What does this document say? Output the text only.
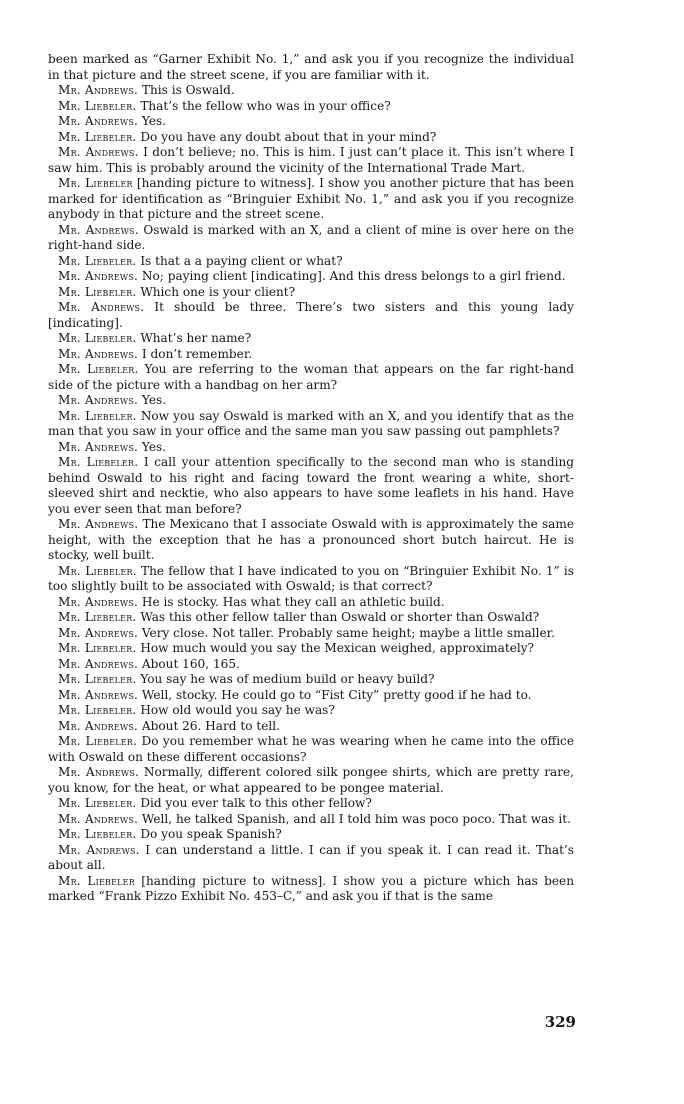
been marked as “Garner Exhibit No. 1,” and ask you if you recognize the individual in that picture and the street scene, if you are familiar with it.

Mr. Andrews. This is Oswald.

Mr. Liebeler. That’s the fellow who was in your office?

Mr. Andrews. Yes.

Mr. Liebeler. Do you have any doubt about that in your mind?

Mr. Andrews. I don’t believe; no. This is him. I just can’t place it. This isn’t where I saw him. This is probably around the vicinity of the International Trade Mart.

Mr. Liebeler [handing picture to witness]. I show you another picture that has been marked for identification as “Bringuier Exhibit No. 1,” and ask you if you recognize anybody in that picture and the street scene.

Mr. Andrews. Oswald is marked with an X, and a client of mine is over here on the right-hand side.

Mr. Liebeler. Is that a a paying client or what?

Mr. Andrews. No; paying client [indicating]. And this dress belongs to a girl friend.

Mr. Liebeler. Which one is your client?

Mr. Andrews. It should be three. There’s two sisters and this young lady [indicating].

Mr. Liebeler. What’s her name?

Mr. Andrews. I don’t remember.

Mr. Liebeler. You are referring to the woman that appears on the far right-hand side of the picture with a handbag on her arm?

Mr. Andrews. Yes.

Mr. Liebeler. Now you say Oswald is marked with an X, and you identify that as the man that you saw in your office and the same man you saw passing out pamphlets?

Mr. Andrews. Yes.

Mr. Liebeler. I call your attention specifically to the second man who is standing behind Oswald to his right and facing toward the front wearing a white, short-sleeved shirt and necktie, who also appears to have some leaflets in his hand. Have you ever seen that man before?

Mr. Andrews. The Mexicano that I associate Oswald with is approximately the same height, with the exception that he has a pronounced short butch haircut. He is stocky, well built.

Mr. Liebeler. The fellow that I have indicated to you on “Bringuier Exhibit No. 1” is too slightly built to be associated with Oswald; is that correct?

Mr. Andrews. He is stocky. Has what they call an athletic build.

Mr. Liebeler. Was this other fellow taller than Oswald or shorter than Oswald?

Mr. Andrews. Very close. Not taller. Probably same height; maybe a little smaller.

Mr. Liebeler. How much would you say the Mexican weighed, approximately?

Mr. Andrews. About 160, 165.

Mr. Liebeler. You say he was of medium build or heavy build?

Mr. Andrews. Well, stocky. He could go to “Fist City” pretty good if he had to.

Mr. Liebeler. How old would you say he was?

Mr. Andrews. About 26. Hard to tell.

Mr. Liebeler. Do you remember what he was wearing when he came into the office with Oswald on these different occasions?

Mr. Andrews. Normally, different colored silk pongee shirts, which are pretty rare, you know, for the heat, or what appeared to be pongee material.

Mr. Liebeler. Did you ever talk to this other fellow?

Mr. Andrews. Well, he talked Spanish, and all I told him was poco poco. That was it.

Mr. Liebeler. Do you speak Spanish?

Mr. Andrews. I can understand a little. I can if you speak it. I can read it. That’s about all.

Mr. Liebeler [handing picture to witness]. I show you a picture which has been marked “Frank Pizzo Exhibit No. 453–C,” and ask you if that is the same

329
